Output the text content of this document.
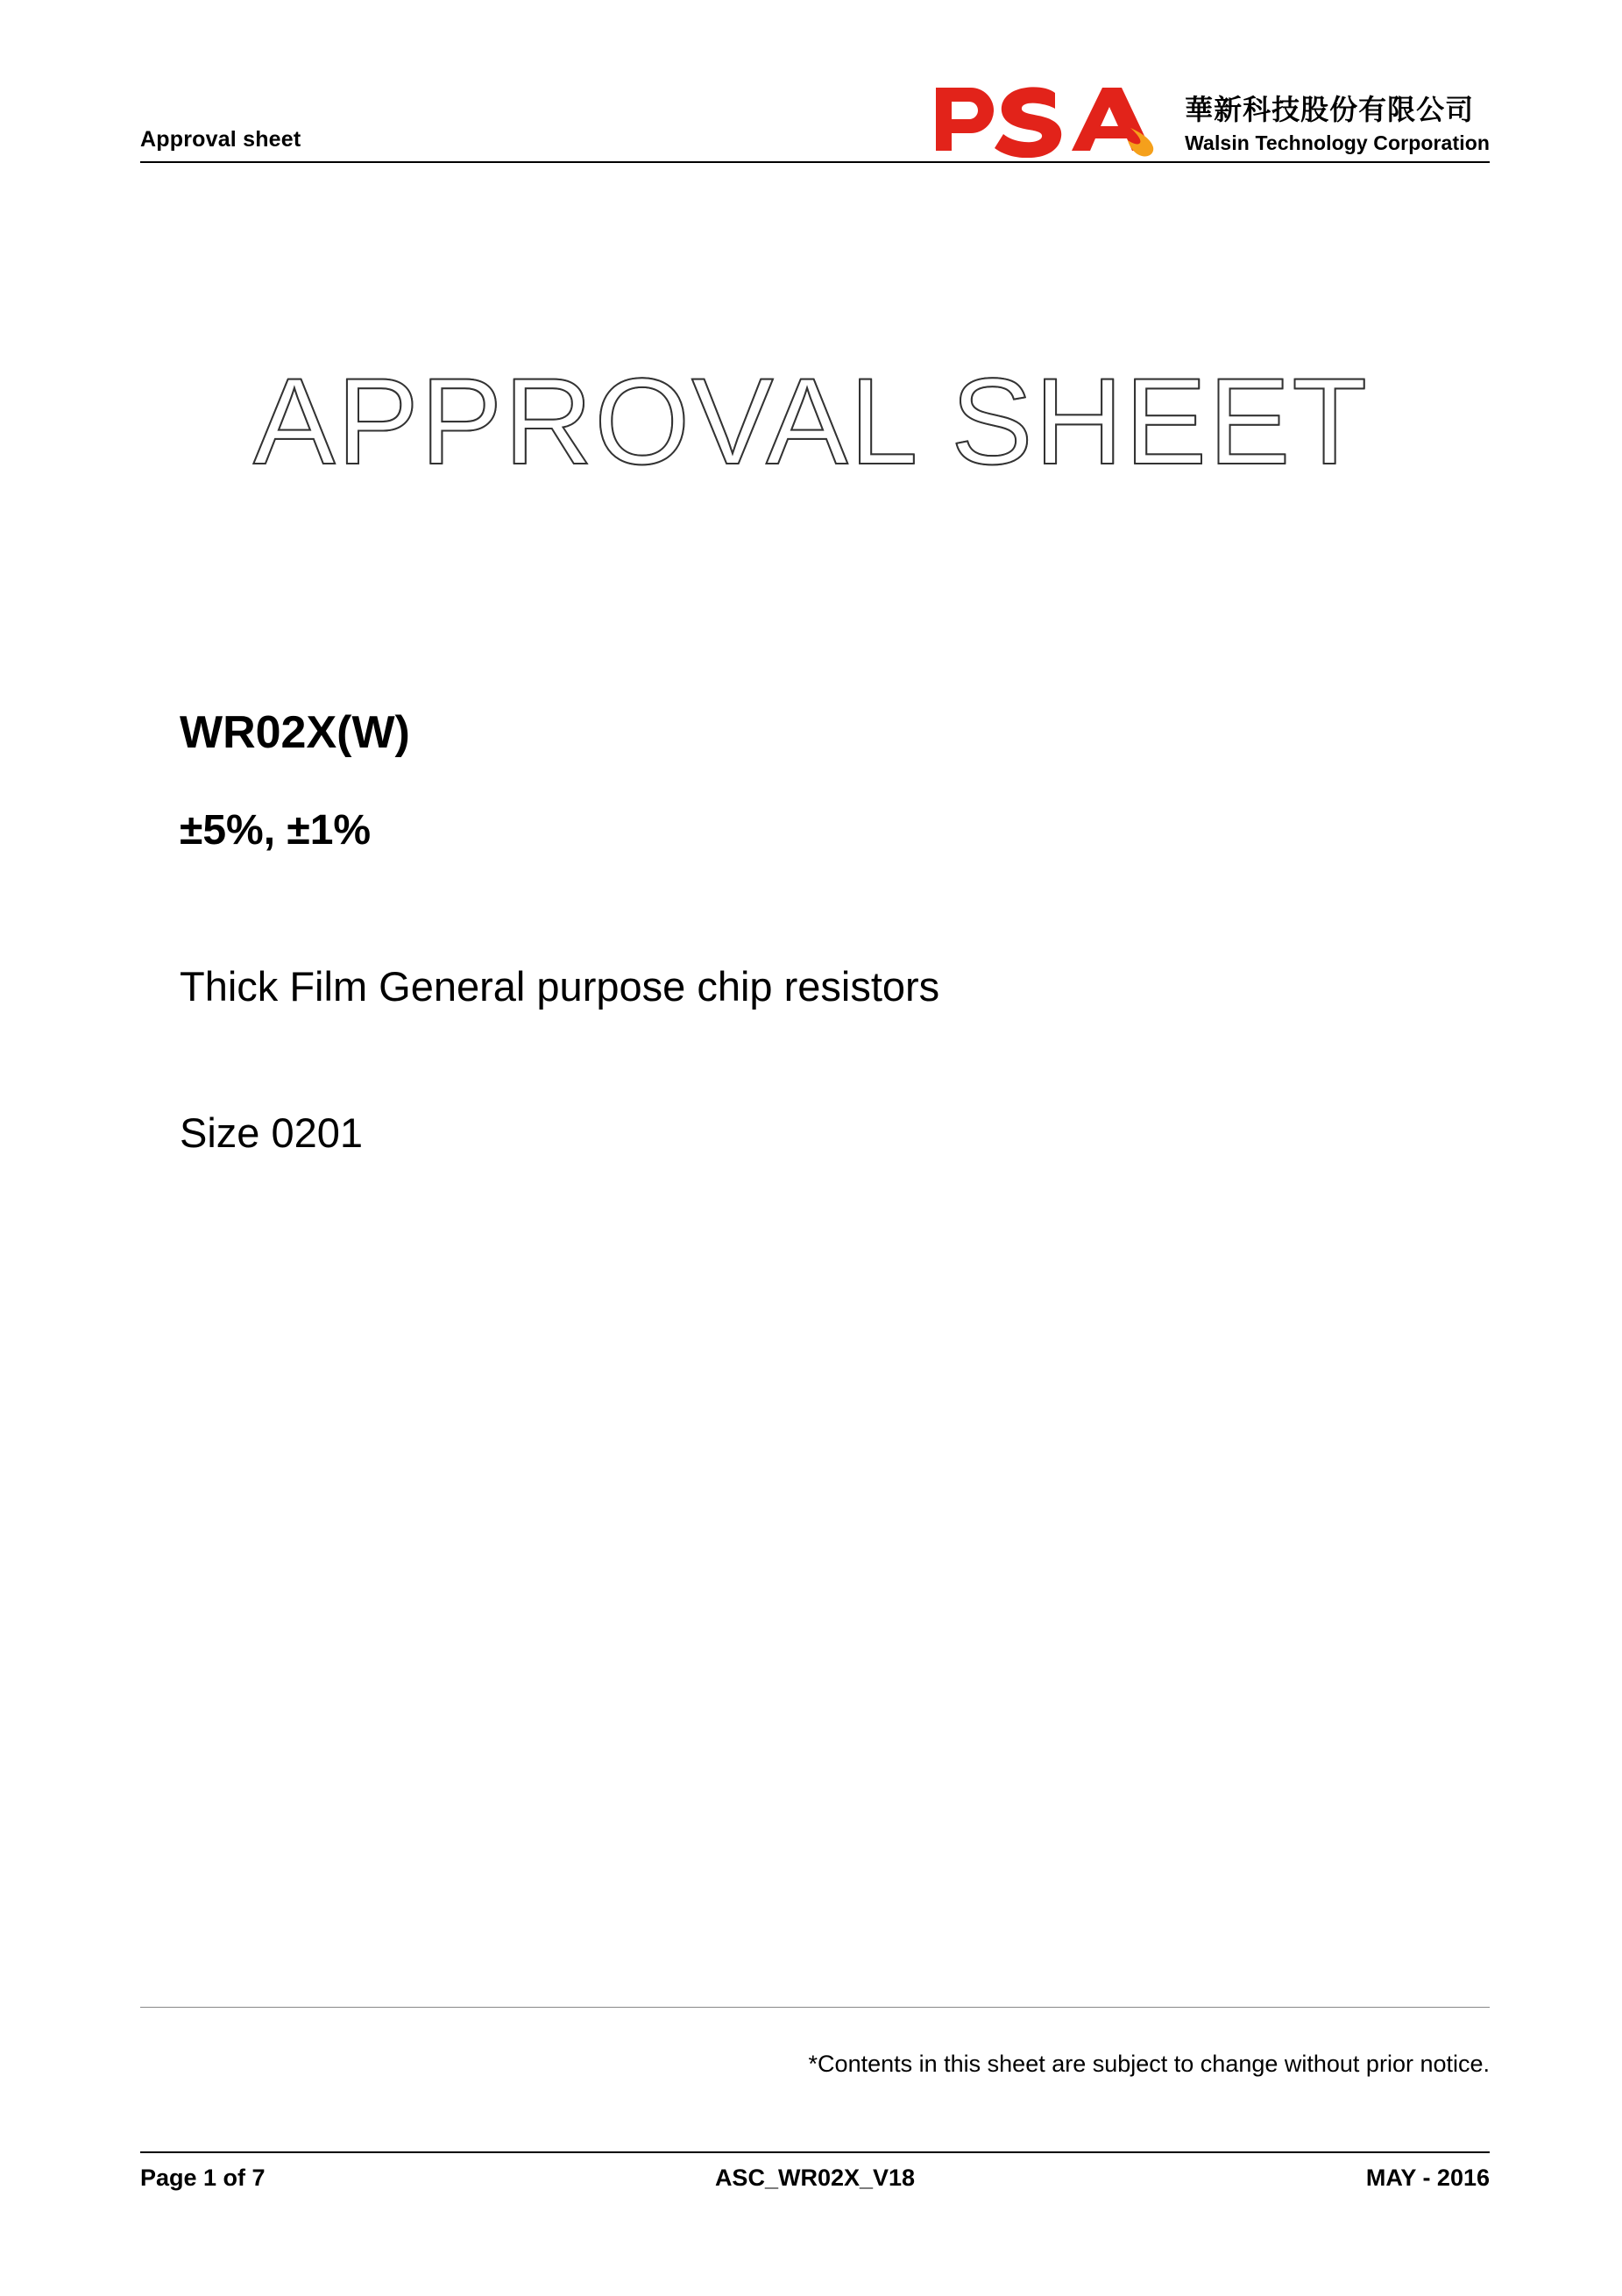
Approval sheet
華新科技股份有限公司
Walsin Technology Corporation
APPROVAL SHEET
WR02X(W)
±5%, ±1%
Thick Film General purpose chip resistors
Size 0201
*Contents in this sheet are subject to change without prior notice.
Page 1 of 7	ASC_WR02X_V18	MAY - 2016
